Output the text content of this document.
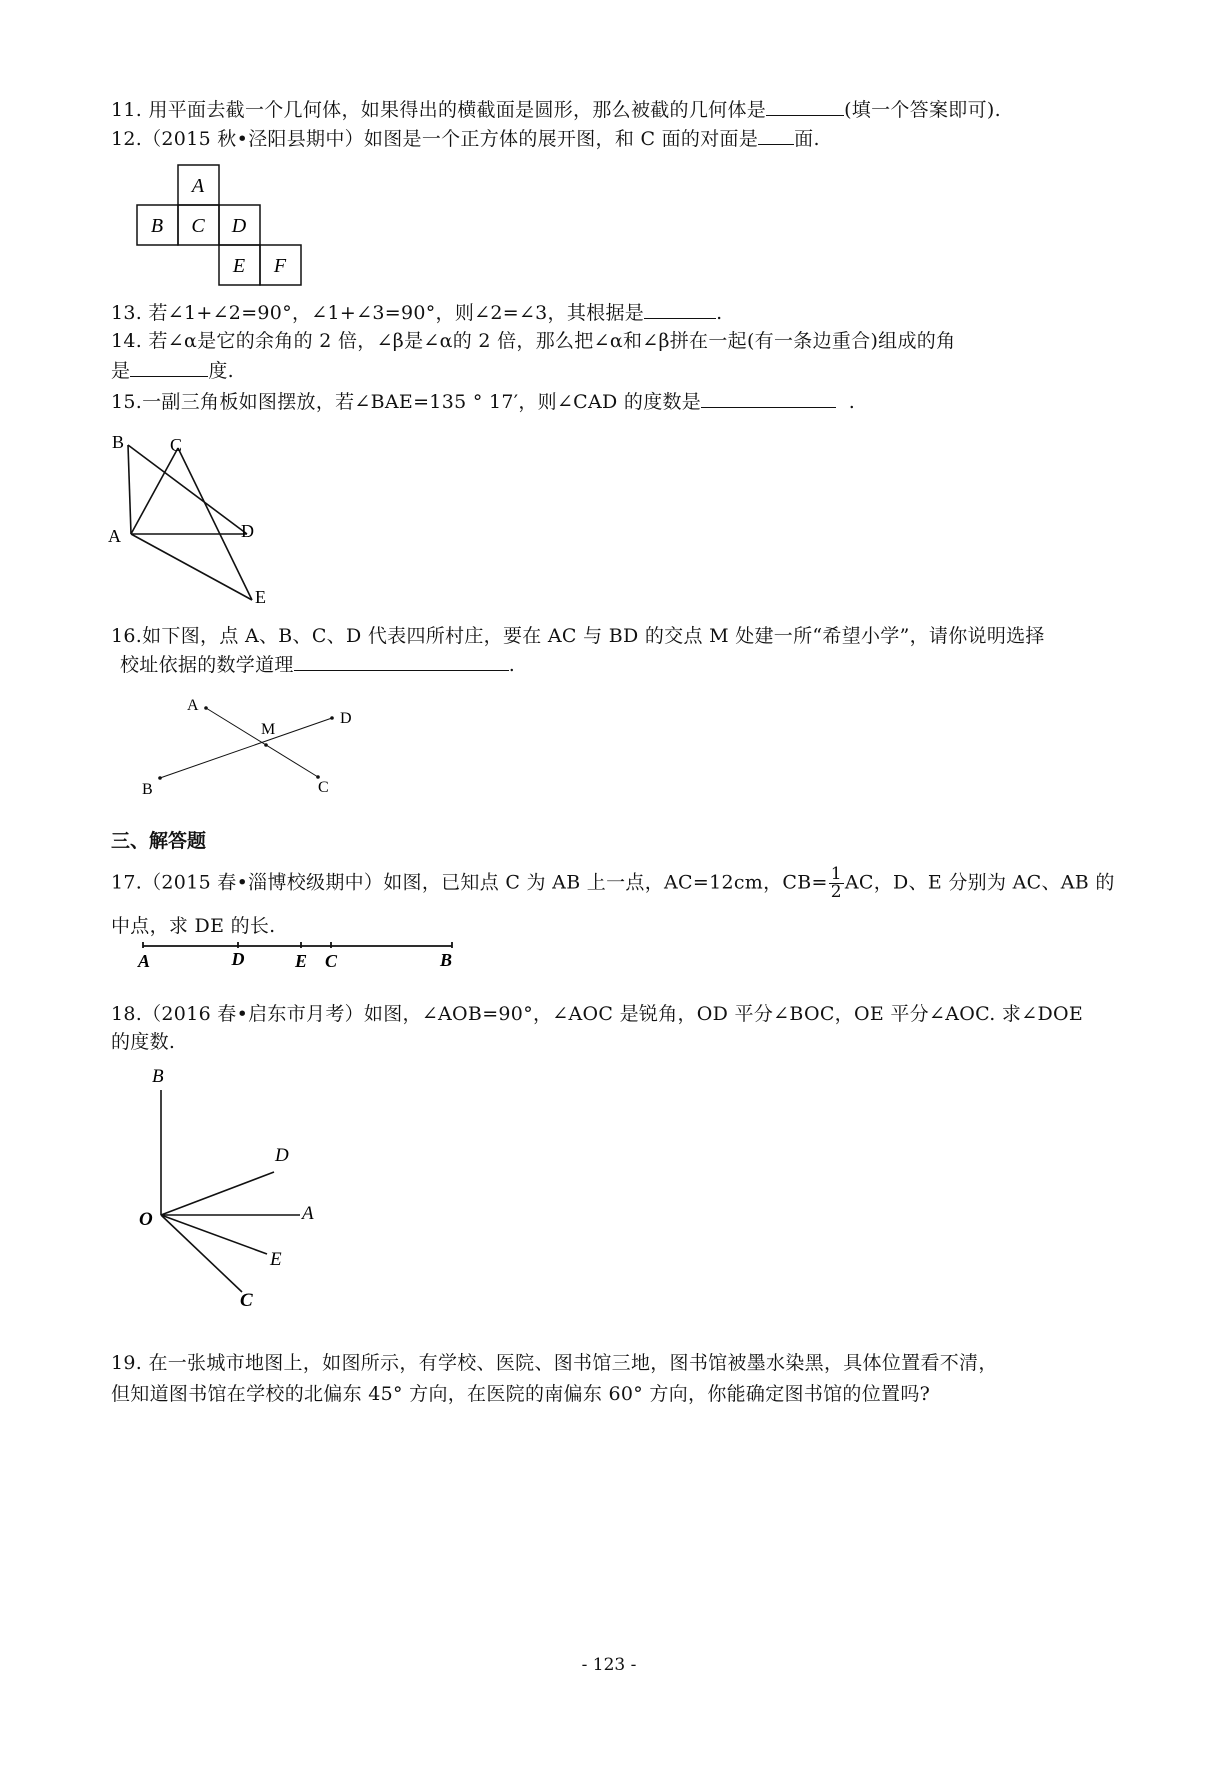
11. 用平面去截一个几何体，如果得出的横截面是圆形，那么被截的几何体是	(填一个答案即可).
12.（2015 秋•泾阳县期中）如图是一个正方体的展开图，和 C 面的对面是 面.
A
B C D
E F
13. 若∠1+∠2=90°，∠1+∠3=90°，则∠2=∠3，其根据是	.
14. 若∠α是它的余角的 2 倍，∠β是∠α的 2 倍，那么把∠α和∠β拼在一起(有一条边重合)组成的角
是	度.
15.一副三角板如图摆放，若∠BAE=135 ° 17′，则∠CAD 的度数是	.
B	C
A	D
E
16.如下图，点 A、B、C、D 代表四所村庄，要在 AC 与 BD 的交点 M 处建一所“希望小学”，请你说明选择
校址依据的数学道理	.
A
M
D
B	C
三、解答题
17.（2015 春•淄博校级期中）如图，已知点 C 为 AB 上一点，AC=12cm，$CB= \frac{1}{2}$ AC，D、E 分别为 AC、AB 的
中点，求 DE 的长.
A	D	E C	B
18.（2016 春•启东市月考）如图，∠AOB=90°，∠AOC 是锐角，OD 平分∠BOC，OE 平分∠AOC. 求∠DOE
的度数.
B
D
O	A
E
C
19. 在一张城市地图上，如图所示，有学校、医院、图书馆三地，图书馆被墨水染黑，具体位置看不清，
但知道图书馆在学校的北偏东 45° 方向，在医院的南偏东 60° 方向，你能确定图书馆的位置吗?
- 123 -
